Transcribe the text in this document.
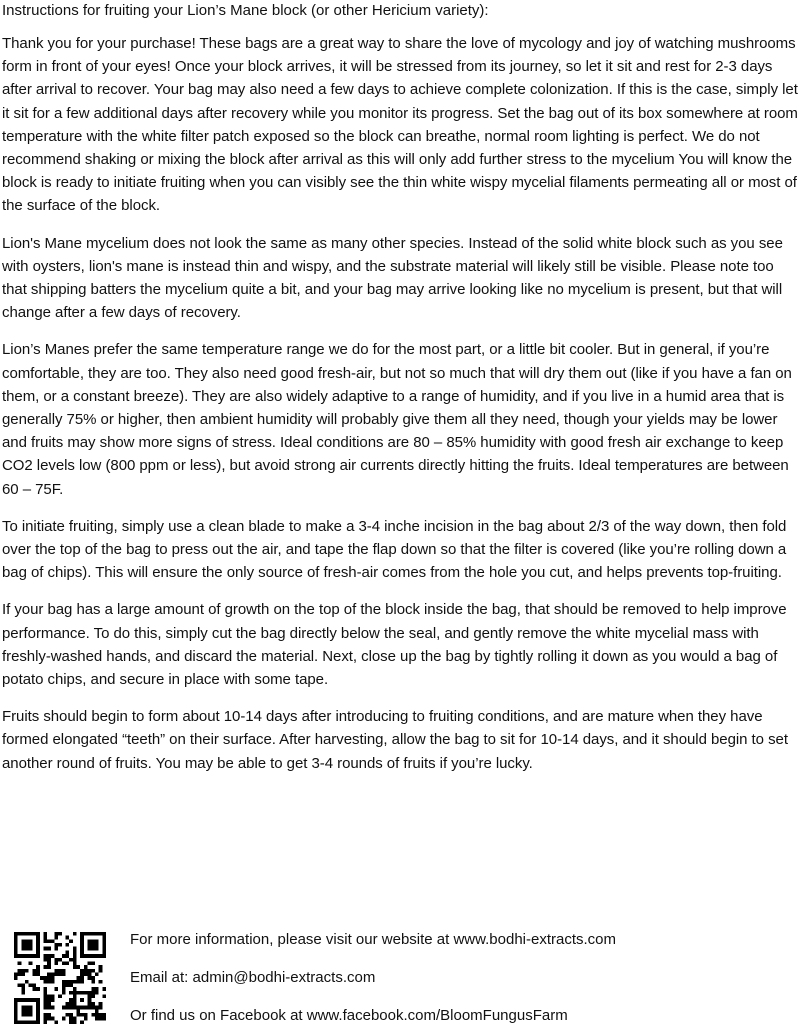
Instructions for fruiting your Lion’s Mane block (or other Hericium variety):

Thank you for your purchase! These bags are a great way to share the love of mycology and joy of watching mushrooms form in front of your eyes! Once your block arrives, it will be stressed from its journey, so let it sit and rest for 2-3 days after arrival to recover. Your bag may also need a few days to achieve complete colonization. If this is the case, simply let it sit for a few additional days after recovery while you monitor its progress. Set the bag out of its box somewhere at room temperature with the white filter patch exposed so the block can breathe, normal room lighting is perfect. We do not recommend shaking or mixing the block after arrival as this will only add further stress to the mycelium You will know the block is ready to initiate fruiting when you can visibly see the thin white wispy mycelial filaments permeating all or most of the surface of the block.

Lion's Mane mycelium does not look the same as many other species. Instead of the solid white block such as you see with oysters, lion's mane is instead thin and wispy, and the substrate material will likely still be visible. Please note too that shipping batters the mycelium quite a bit, and your bag may arrive looking like no mycelium is present, but that will change after a few days of recovery.

Lion’s Manes prefer the same temperature range we do for the most part, or a little bit cooler. But in general, if you’re comfortable, they are too. They also need good fresh-air, but not so much that will dry them out (like if you have a fan on them, or a constant breeze). They are also widely adaptive to a range of humidity, and if you live in a humid area that is generally 75% or higher, then ambient humidity will probably give them all they need, though your yields may be lower and fruits may show more signs of stress. Ideal conditions are 80 – 85% humidity with good fresh air exchange to keep CO2 levels low (800 ppm or less), but avoid strong air currents directly hitting the fruits. Ideal temperatures are between 60 – 75F.

To initiate fruiting, simply use a clean blade to make a 3-4 inche incision in the bag about 2/3 of the way down, then fold over the top of the bag to press out the air, and tape the flap down so that the filter is covered (like you’re rolling down a bag of chips). This will ensure the only source of fresh-air comes from the hole you cut, and helps prevents top-fruiting.

If your bag has a large amount of growth on the top of the block inside the bag, that should be removed to help improve performance. To do this, simply cut the bag directly below the seal, and gently remove the white mycelial mass with freshly-washed hands, and discard the material. Next, close up the bag by tightly rolling it down as you would a bag of potato chips, and secure in place with some tape.

Fruits should begin to form about 10-14 days after introducing to fruiting conditions, and are mature when they have formed elongated “teeth” on their surface. After harvesting, allow the bag to sit for 10-14 days, and it should begin to set another round of fruits. You may be able to get 3-4 rounds of fruits if you’re lucky.

For more information, please visit our website at www.bodhi-extracts.com
Email at: admin@bodhi-extracts.com
Or find us on Facebook at www.facebook.com/BloomFungusFarm
